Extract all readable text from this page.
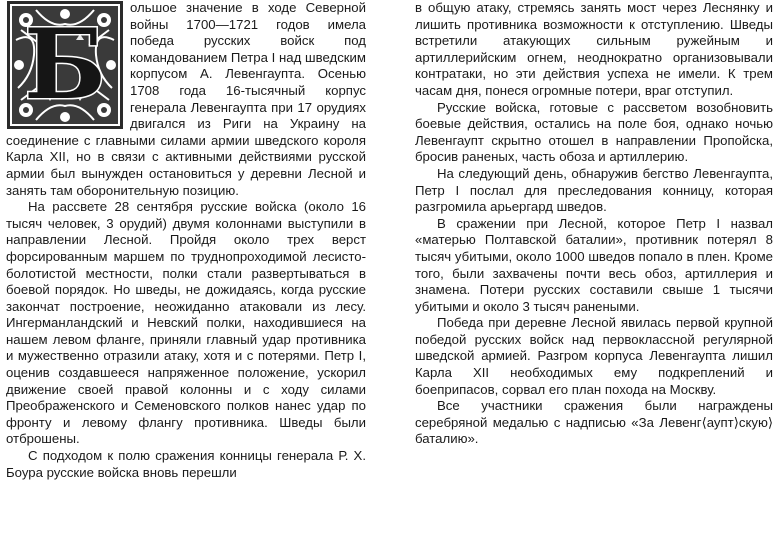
Б

ольшое значение в ходе Северной войны 1700—1721 годов имела победа русских войск под командованием Петра I над шведским корпусом А. Левенгаупта. Осенью 1708 года 16-тысячный корпус генерала Левенгаупта при 17 орудиях двигался из Риги на Украину на соединение с главными силами армии шведского короля Карла XII, но в связи с активными действиями русской армии был вынужден остановиться у деревни Лесной и занять там оборонительную позицию.

На рассвете 28 сентября русские войска (около 16 тысяч человек, 3 орудий) двумя колоннами выступили в направлении Лесной. Пройдя около трех верст форсированным маршем по труднопроходимой лесисто-болотистой местности, полки стали развертываться в боевой порядок. Но шведы, не дожидаясь, когда русские закончат построение, неожиданно атаковали из лесу. Ингерманландский и Невский полки, находившиеся на нашем левом фланге, приняли главный удар противника и мужественно отразили атаку, хотя и с потерями. Петр I, оценив создавшееся напряженное положение, ускорил движение своей правой колонны и с ходу силами Преображенского и Семеновского полков нанес удар по фронту и левому флангу противника. Шведы были отброшены.

С подходом к полю сражения конницы генерала Р. Х. Боура русские войска вновь перешли

в общую атаку, стремясь занять мост через Леснянку и лишить противника возможности к отступлению. Шведы встретили атакующих сильным ружейным и артиллерийским огнем, неоднократно организовывали контратаки, но эти действия успеха не имели. К трем часам дня, понеся огромные потери, враг отступил.

Русские войска, готовые с рассветом возобновить боевые действия, остались на поле боя, однако ночью Левенгаупт скрытно отошел в направлении Пропойска, бросив раненых, часть обоза и артиллерию.

На следующий день, обнаружив бегство Левенгаупта, Петр I послал для преследования конницу, которая разгромила арьергард шведов.

В сражении при Лесной, которое Петр I назвал «матерью Полтавской баталии», противник потерял 8 тысяч убитыми, около 1000 шведов попало в плен. Кроме того, были захвачены почти весь обоз, артиллерия и знамена. Потери русских составили свыше 1 тысячи убитыми и около 3 тысяч ранеными.

Победа при деревне Лесной явилась первой крупной победой русских войск над первоклассной регулярной шведской армией. Разгром корпуса Левенгаупта лишил Карла XII необходимых ему подкреплений и боеприпасов, сорвал его план похода на Москву.

Все участники сражения были награждены серебряной медалью с надписью «За Левенг⟨аупт⟩скую⟩ баталию».
